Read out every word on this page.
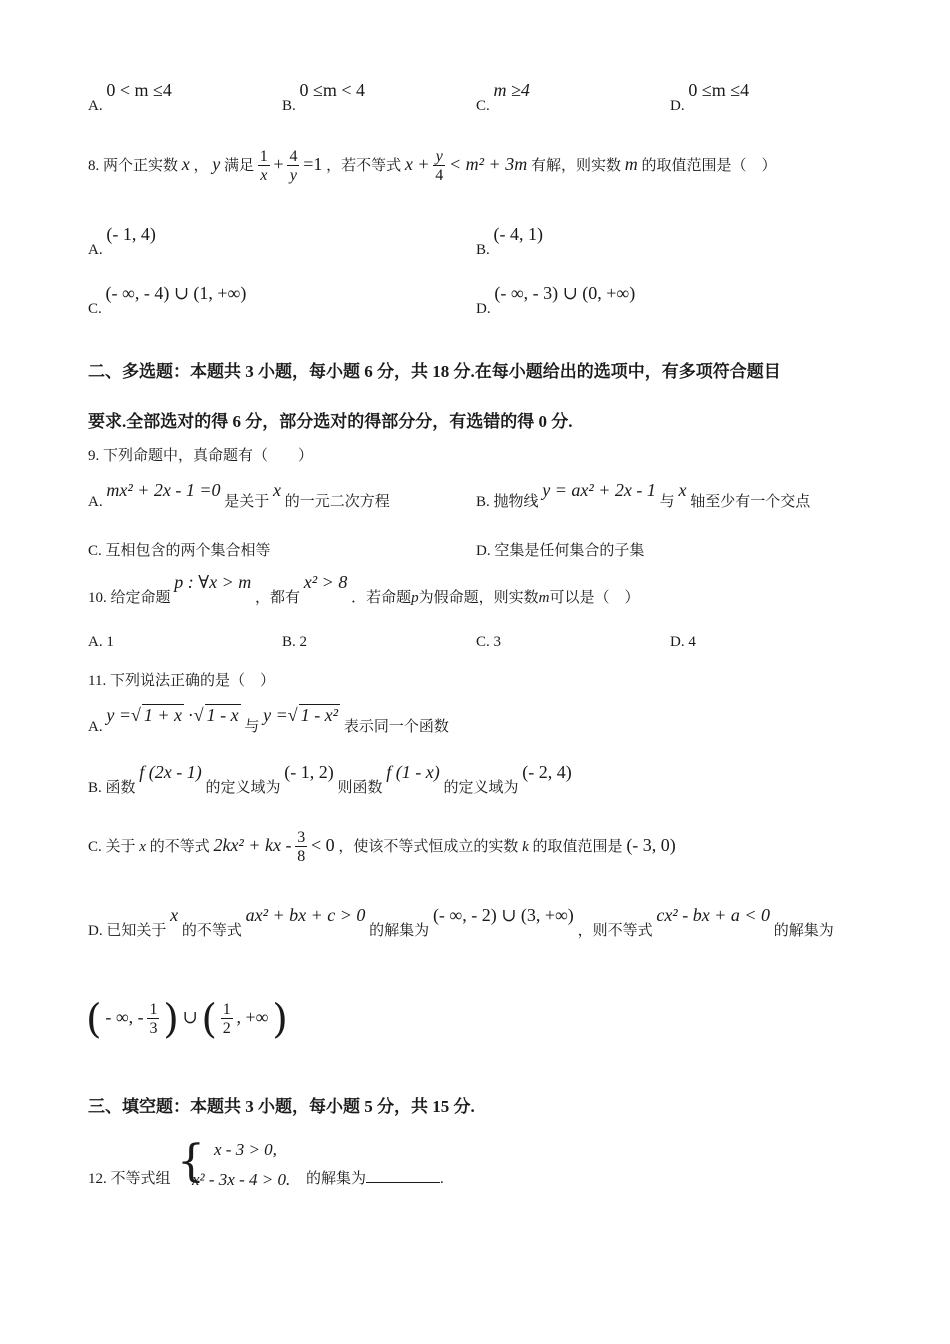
A. 0 < m ≤4
B. 0 ≤m < 4
C. m ≥4
D. 0 ≤m ≤4
8. 两个正实数 x ， y 满足 $\frac{1}{x} + \frac{4}{y} =1$ ，若不等式 $x + \frac{y}{4} < m^2 + 3m$ 有解，则实数 m 的取值范围是（　）
A. (- 1, 4)
B. (- 4, 1)
C. (- ∞, - 4) ∪ (1, +∞)
D. (- ∞, - 3) ∪ (0, +∞)
二、多选题：本题共 3 小题，每小题 6 分，共 18 分.在每小题给出的选项中，有多项符合题目
要求.全部选对的得 6 分，部分选对的得部分分，有选错的得 0 分.
9. 下列命题中，真命题有（　　）
A. mx² + 2x - 1 =0 是关于 x 的一元二次方程	B. 抛物线 y = ax² + 2x - 1 与 x 轴至少有一个交点
C. 互相包含的两个集合相等	D. 空集是任何集合的子集
10. 给定命题 p : ∀x > m ，都有 x² > 8 ．若命题p为假命题，则实数m可以是（　）
A. 1	B. 2	C. 3	D. 4
11. 下列说法正确的是（　）
A. y =√ 1 + x ·√ 1 - x 与 y =√ 1 - x² 表示同一个函数
B. 函数 f (2x - 1) 的定义域为 (- 1, 2) 则函数 f (1 - x) 的定义域为 (- 2, 4)
C. 关于 x 的不等式 2kx² + kx - $\frac{3}{8} < 0$ ，使该不等式恒成立的实数 k 的取值范围是 (- 3, 0)
D. 已知关于 x 的不等式 ax² + bx + c > 0 的解集为 (- ∞, - 2) ∪ (3, +∞) ，则不等式 cx² - bx + a < 0 的解集为
( - ∞, - $\frac{1}{3}$ ) ∪ ( $\frac{1}{2}$ , +∞ )
三、填空题：本题共 3 小题，每小题 5 分，共 15 分.
12. 不等式组 { x - 3 > 0,
x² - 3x - 4 > 0. 的解集为	.
